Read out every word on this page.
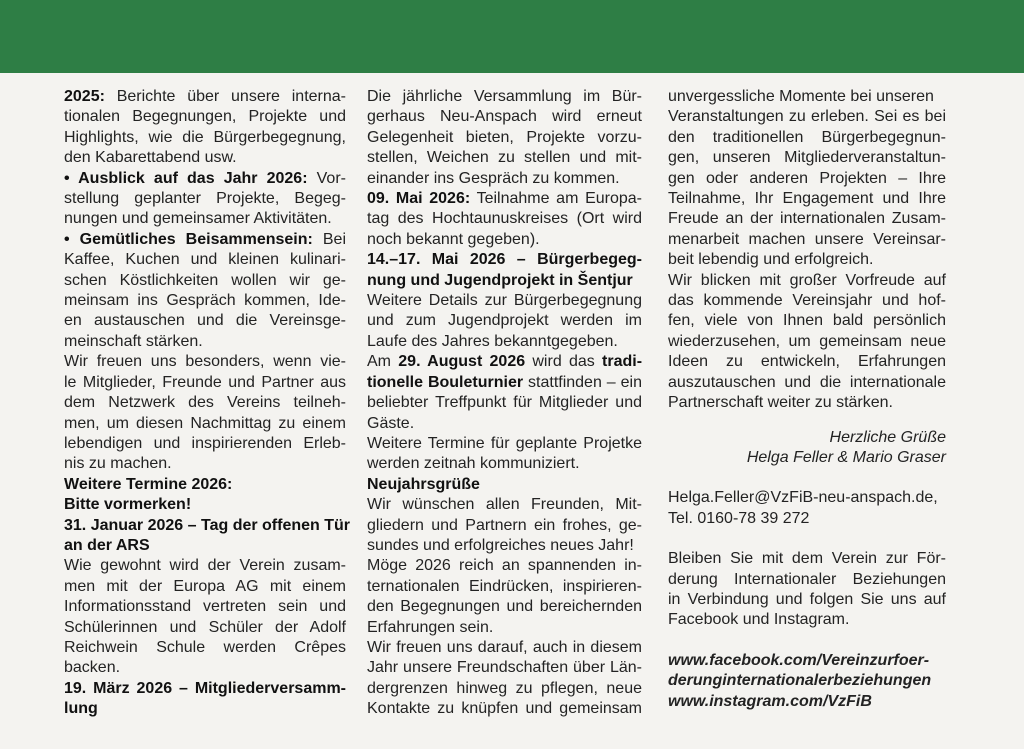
2025: Berichte über unsere interna-
tionalen Begegnungen, Projekte und
Highlights, wie die Bürgerbegegnung,
den Kabarettabend usw.
• Ausblick auf das Jahr 2026: Vor-
stellung geplanter Projekte, Begeg-
nungen und gemeinsamer Aktivitäten.
• Gemütliches Beisammensein: Bei
Kaffee, Kuchen und kleinen kulinari-
schen Köstlichkeiten wollen wir ge-
meinsam ins Gespräch kommen, Ide-
en austauschen und die Vereinsge-
meinschaft stärken.
Wir freuen uns besonders, wenn vie-
le Mitglieder, Freunde und Partner aus
dem Netzwerk des Vereins teilneh-
men, um diesen Nachmittag zu einem
lebendigen und inspirierenden Erleb-
nis zu machen.
Weitere Termine 2026:
Bitte vormerken!
31. Januar 2026 – Tag der offenen Tür
an der ARS
Wie gewohnt wird der Verein zusam-
men mit der Europa AG mit einem
Informationsstand vertreten sein und
Schülerinnen und Schüler der Adolf
Reichwein Schule werden Crêpes
backen.
19. März 2026 – Mitgliederversamm-
lung
Die jährliche Versammlung im Bür-
gerhaus Neu-Anspach wird erneut
Gelegenheit bieten, Projekte vorzu-
stellen, Weichen zu stellen und mit-
einander ins Gespräch zu kommen.
09. Mai 2026: Teilnahme am Europa-
tag des Hochtaunuskreises (Ort wird
noch bekannt gegeben).
14.–17. Mai 2026 – Bürgerbegeg-
nung und Jugendprojekt in Šentjur
Weitere Details zur Bürgerbegegnung
und zum Jugendprojekt werden im
Laufe des Jahres bekanntgegeben.
Am 29. August 2026 wird das tradi-
tionelle Bouleturnier stattfinden – ein
beliebter Treffpunkt für Mitglieder und
Gäste.
Weitere Termine für geplante Projetke
werden zeitnah kommuniziert.
Neujahrsgrüße
Wir wünschen allen Freunden, Mit-
gliedern und Partnern ein frohes, ge-
sundes und erfolgreiches neues Jahr!
Möge 2026 reich an spannenden in-
ternationalen Eindrücken, inspirieren-
den Begegnungen und bereichernden
Erfahrungen sein.
Wir freuen uns darauf, auch in diesem
Jahr unsere Freundschaften über Län-
dergrenzen hinweg zu pflegen, neue
Kontakte zu knüpfen und gemeinsam
unvergessliche Momente bei unseren
Veranstaltungen zu erleben. Sei es bei
den traditionellen Bürgerbegegnun-
gen, unseren Mitgliederveranstaltun-
gen oder anderen Projekten – Ihre
Teilnahme, Ihr Engagement und Ihre
Freude an der internationalen Zusam-
menarbeit machen unsere Vereinsar-
beit lebendig und erfolgreich.
Wir blicken mit großer Vorfreude auf
das kommende Vereinsjahr und hof-
fen, viele von Ihnen bald persönlich
wiederzusehen, um gemeinsam neue
Ideen zu entwickeln, Erfahrungen
auszutauschen und die internationale
Partnerschaft weiter zu stärken.
Herzliche Grüße
Helga Feller & Mario Graser
Helga.Feller@VzFiB-neu-anspach.de,
Tel. 0160-78 39 272
Bleiben Sie mit dem Verein zur För-
derung Internationaler Beziehungen
in Verbindung und folgen Sie uns auf
Facebook und Instagram.
www.facebook.com/Vereinzurfoer-
derunginternationalerbeziehungen
www.instagram.com/VzFiB
